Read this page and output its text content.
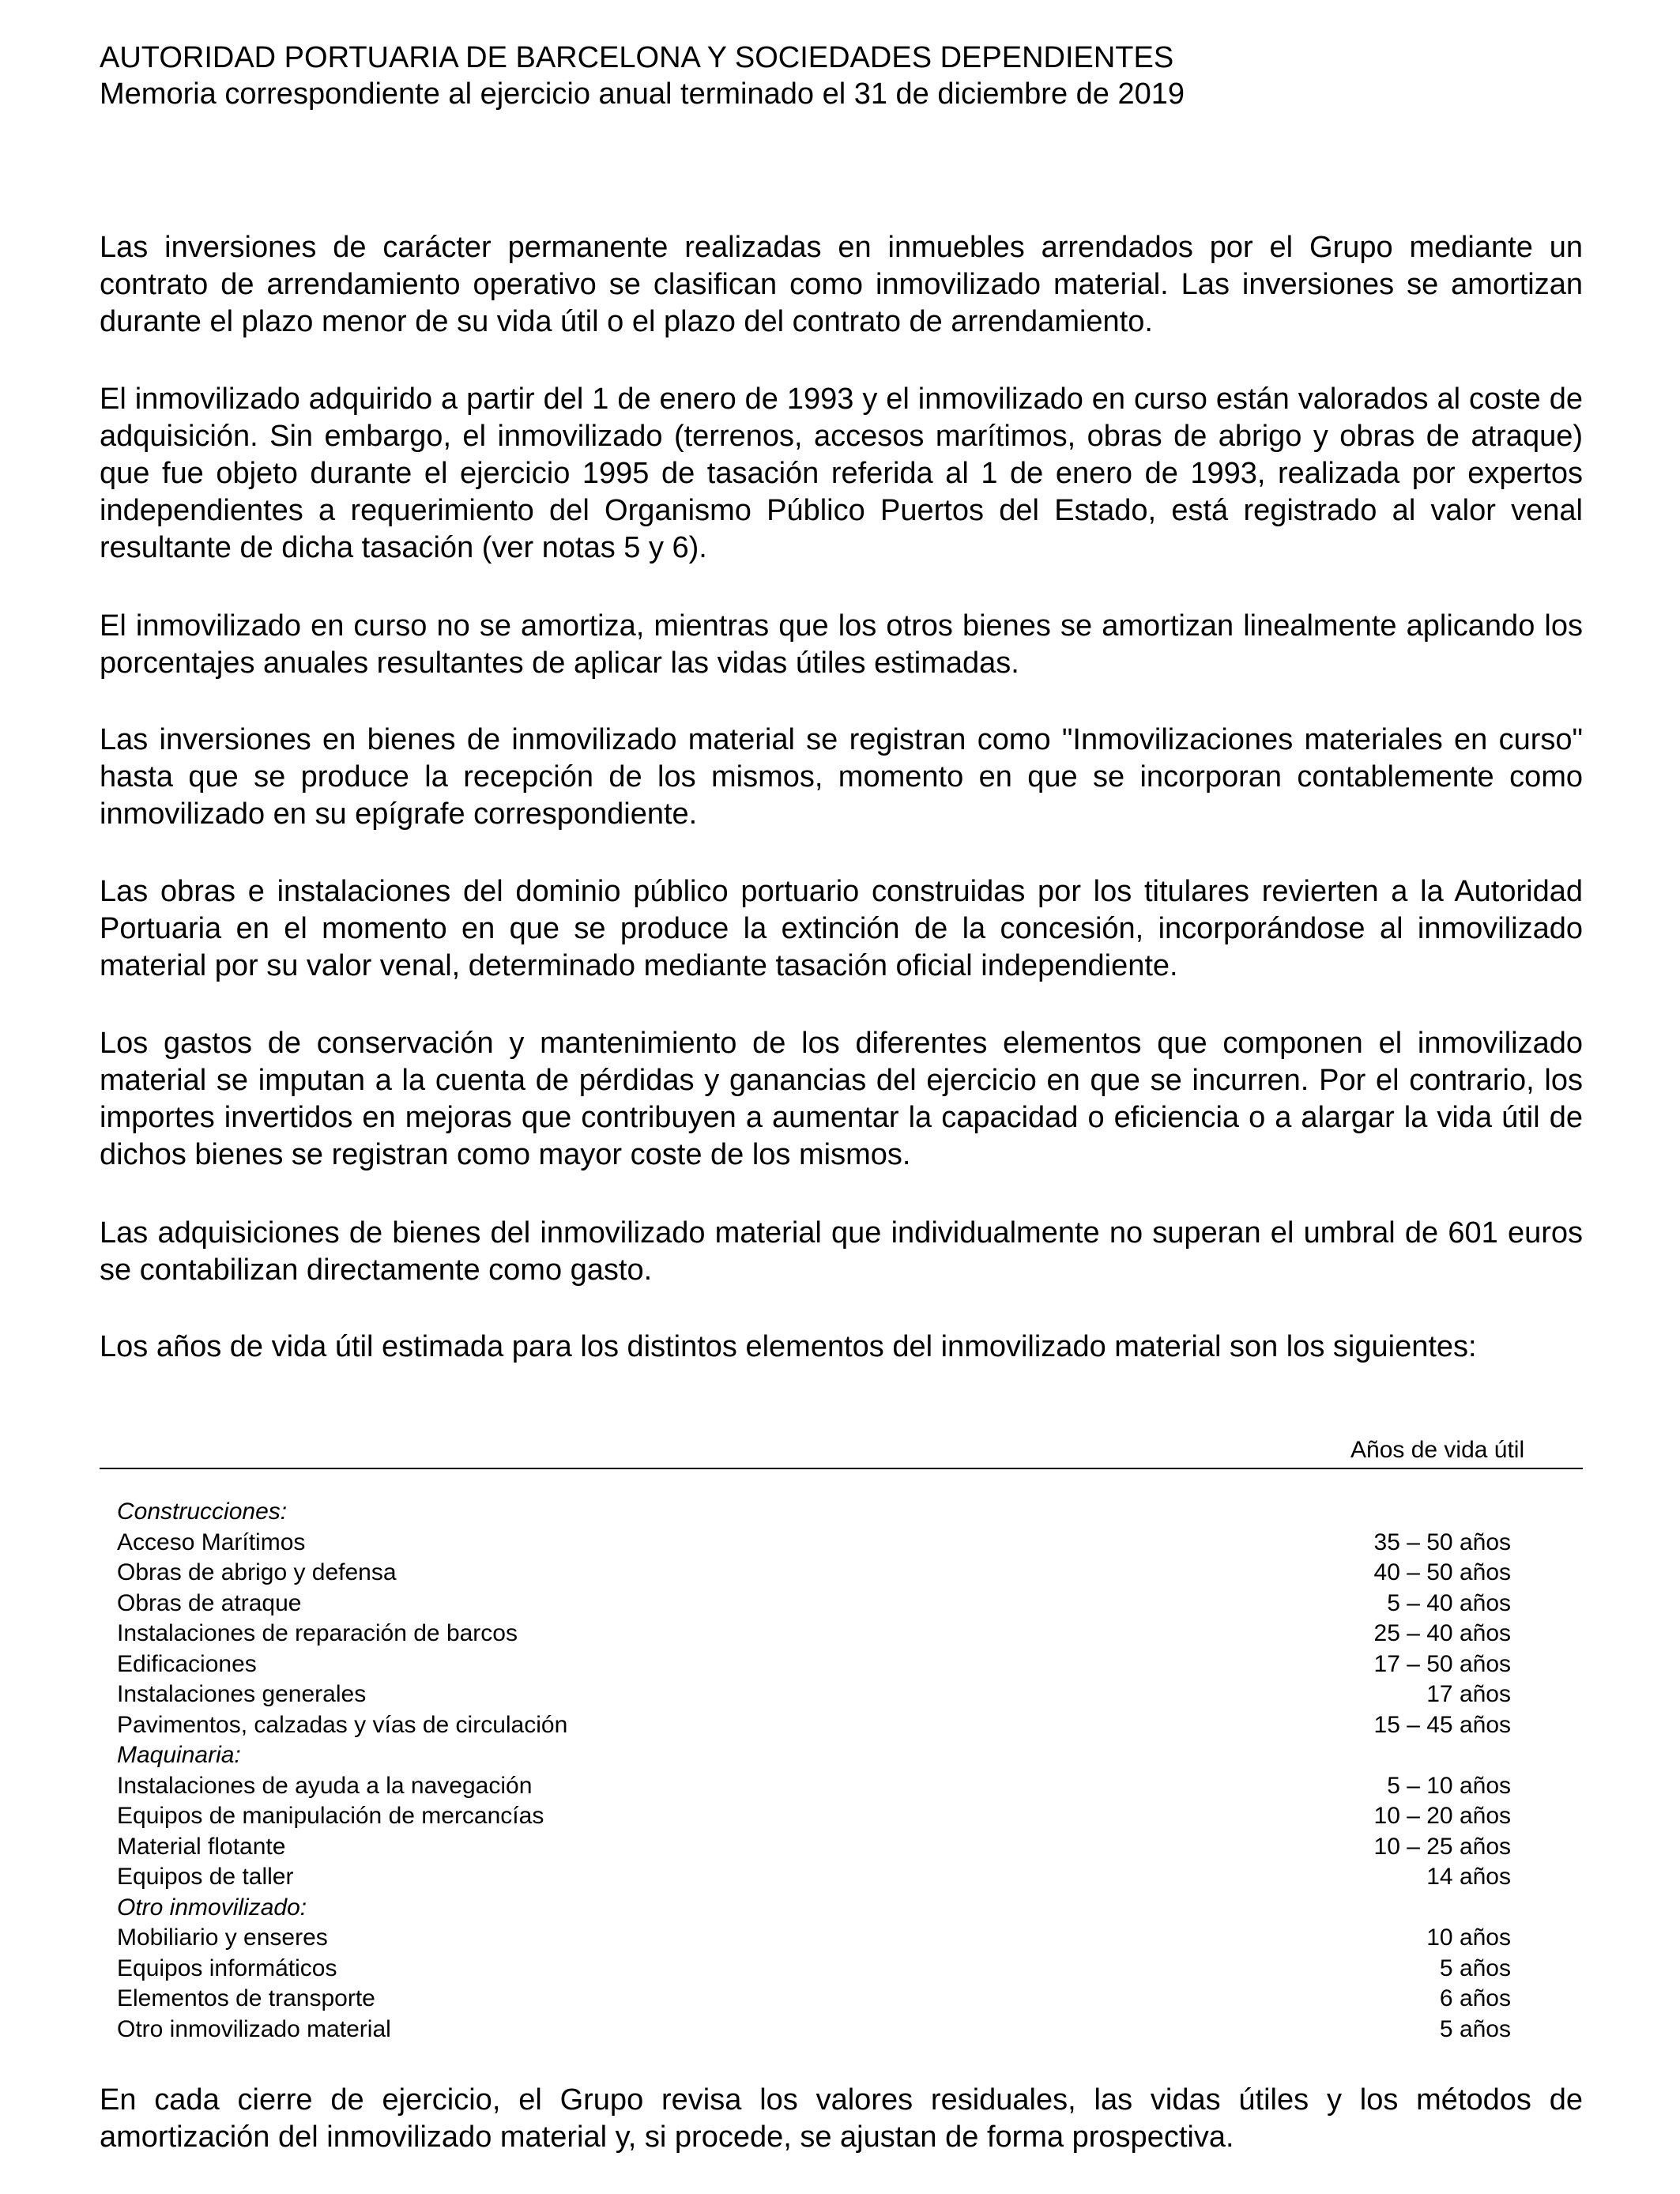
AUTORIDAD PORTUARIA DE BARCELONA Y SOCIEDADES DEPENDIENTES
Memoria correspondiente al ejercicio anual terminado el 31 de diciembre de 2019

Las inversiones de carácter permanente realizadas en inmuebles arrendados por el Grupo mediante un contrato de arrendamiento operativo se clasifican como inmovilizado material. Las inversiones se amortizan durante el plazo menor de su vida útil o el plazo del contrato de arrendamiento.

El inmovilizado adquirido a partir del 1 de enero de 1993 y el inmovilizado en curso están valorados al coste de adquisición. Sin embargo, el inmovilizado (terrenos, accesos marítimos, obras de abrigo y obras de atraque) que fue objeto durante el ejercicio 1995 de tasación referida al 1 de enero de 1993, realizada por expertos independientes a requerimiento del Organismo Público Puertos del Estado, está registrado al valor venal resultante de dicha tasación (ver notas 5 y 6).

El inmovilizado en curso no se amortiza, mientras que los otros bienes se amortizan linealmente aplicando los porcentajes anuales resultantes de aplicar las vidas útiles estimadas.

Las inversiones en bienes de inmovilizado material se registran como "Inmovilizaciones materiales en curso" hasta que se produce la recepción de los mismos, momento en que se incorporan contablemente como inmovilizado en su epígrafe correspondiente.

Las obras e instalaciones del dominio público portuario construidas por los titulares revierten a la Autoridad Portuaria en el momento en que se produce la extinción de la concesión, incorporándose al inmovilizado material por su valor venal, determinado mediante tasación oficial independiente.

Los gastos de conservación y mantenimiento de los diferentes elementos que componen el inmovilizado material se imputan a la cuenta de pérdidas y ganancias del ejercicio en que se incurren. Por el contrario, los importes invertidos en mejoras que contribuyen a aumentar la capacidad o eficiencia o a alargar la vida útil de dichos bienes se registran como mayor coste de los mismos.

Las adquisiciones de bienes del inmovilizado material que individualmente no superan el umbral de 601 euros se contabilizan directamente como gasto.

Los años de vida útil estimada para los distintos elementos del inmovilizado material son los siguientes:

Años de vida útil
Construcciones:
Acceso Marítimos	35 – 50 años
Obras de abrigo y defensa	40 – 50 años
Obras de atraque	5 – 40 años
Instalaciones de reparación de barcos	25 – 40 años
Edificaciones	17 – 50 años
Instalaciones generales	17 años
Pavimentos, calzadas y vías de circulación	15 – 45 años
Maquinaria:
Instalaciones de ayuda a la navegación	5 – 10 años
Equipos de manipulación de mercancías	10 – 20 años
Material flotante	10 – 25 años
Equipos de taller	14 años
Otro inmovilizado:
Mobiliario y enseres	10 años
Equipos informáticos	5 años
Elementos de transporte	6 años
Otro inmovilizado material	5 años

En cada cierre de ejercicio, el Grupo revisa los valores residuales, las vidas útiles y los métodos de amortización del inmovilizado material y, si procede, se ajustan de forma prospectiva.
